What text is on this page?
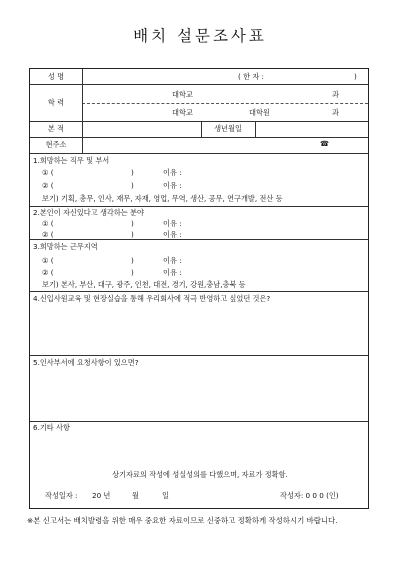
배치 설문조사표
성 명	( 한 자 :	)
학 력
대학교	과
대학교	대학원	과
본 적	생년월일
현주소	☎
1.희망하는 직무 및 부서
① (	)	이유 :
② (	)	이유 :
보기) 기획, 총무, 인사, 재무, 자재, 영업, 무역, 생산, 공무, 연구개발, 전산 등
2.본인이 자신있다고 생각하는 분야
① (	)	이유 :
② (	)	이유 :
3.희망하는 근무지역
① (	)	이유 :
② (	)	이유 :
보기) 본사, 부산, 대구, 광주, 인천, 대전, 경기, 강원,충남,충북 등
4.신입사원교육 및 현장실습을 통해 우리회사에 적극 반영하고 싶었던 것은?
5.인사부서에 요청사항이 있으면?
6.기타 사항
상기자료의 작성에 성실성의를 다했으며, 자료가 정확함.
작성일자 : 20 년	월	일	작성자: 0 0 0 (인)
※본 신고서는 배치발령을 위한 매우 중요한 자료이므로 신중하고 정확하게 작성하시기 바랍니다.
